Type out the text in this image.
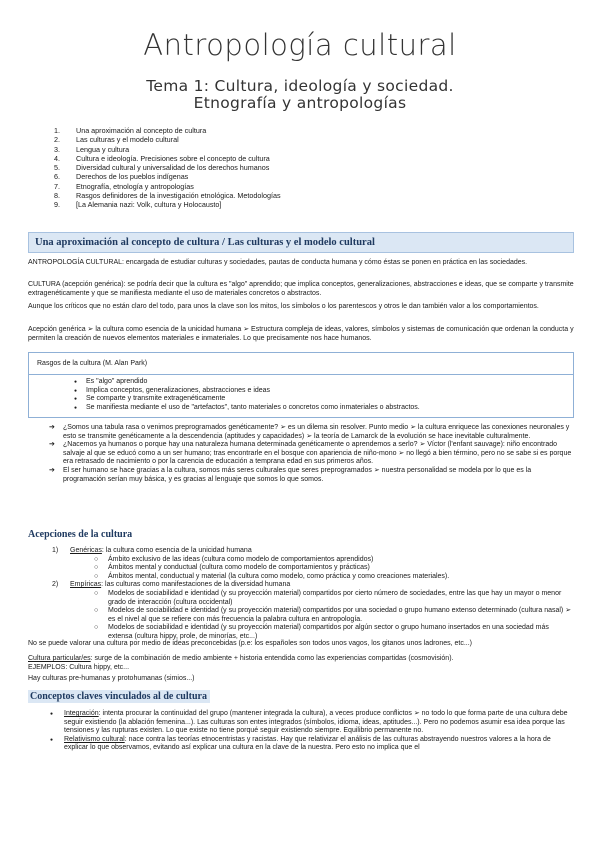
Antropología cultural
Tema 1: Cultura, ideología y sociedad.
Etnografía y antropologías
1.	Una aproximación al concepto de cultura
2.	Las culturas y el modelo cultural
3.	Lengua y cultura
4.	Cultura e ideología. Precisiones sobre el concepto de cultura
5.	Diversidad cultural y universalidad de los derechos humanos
6.	Derechos de los pueblos indígenas
7.	Etnografía, etnología y antropologías
8.	Rasgos definidores de la investigación etnológica. Metodologías
9.	[La Alemania nazi: Volk, cultura y Holocausto]
Una aproximación al concepto de cultura / Las culturas y el modelo cultural
ANTROPOLOGÍA CULTURAL: encargada de estudiar culturas y sociedades, pautas de conducta humana y cómo éstas se ponen en práctica en las sociedades.
CULTURA (acepción genérica): se podría decir que la cultura es "algo" aprendido; que implica conceptos, generalizaciones, abstracciones e ideas, que se comparte y transmite extragenéticamente y que se manifiesta mediante el uso de materiales concretos o abstractos.
Aunque los críticos que no están claro del todo, para unos la clave son los mitos, los símbolos o los parentescos y otros le dan también valor a los comportamientos.
Acepción genérica ➢ la cultura como esencia de la unicidad humana ➢ Estructura compleja de ideas, valores, símbolos y sistemas de comunicación que ordenan la conducta y permiten la creación de nuevos elementos materiales e inmateriales. Lo que precisamente nos hace humanos.
Rasgos de la cultura (M. Alan Park)
●	Es "algo" aprendido
●	Implica conceptos, generalizaciones, abstracciones e ideas
●	Se comparte y transmite extragenéticamente
●	Se manifiesta mediante el uso de "artefactos", tanto materiales o concretos como inmateriales o abstractos.
➔	¿Somos una tabula rasa o venimos preprogramados genéticamente? ➢ es un dilema sin resolver. Punto medio ➢ la cultura enriquece las conexiones neuronales y esto se transmite genéticamente a la descendencia (aptitudes y capacidades) ➢ la teoría de Lamarck de la evolución se hace inevitable culturalmente.
➔	¿Nacemos ya humanos o porque hay una naturaleza humana determinada genéticamente o aprendemos a serlo? ➢ Víctor (l'enfant sauvage): niño encontrado salvaje al que se educó como a un ser humano; tras encontrarle en el bosque con apariencia de niño-mono ➢ no llegó a bien término, pero no se sabe si es porque era retrasado de nacimiento o por la carencia de educación a temprana edad en sus primeros años.
➔	El ser humano se hace gracias a la cultura, somos más seres culturales que seres preprogramados ➢ nuestra personalidad se modela por lo que es la programación serían muy básica, y es gracias al lenguaje que somos lo que somos.
Acepciones de la cultura
1)	Genéricas: la cultura como esencia de la unicidad humana
○	Ámbito exclusivo de las ideas (cultura como modelo de comportamientos aprendidos)
○	Ámbitos mental y conductual (cultura como modelo de comportamientos y prácticas)
○	Ámbitos mental, conductual y material (la cultura como modelo, como práctica y como creaciones materiales).
2)	Empíricas: las culturas como manifestaciones de la diversidad humana
○	Modelos de sociabilidad e identidad (y su proyección material) compartidos por cierto número de sociedades, entre las que hay un mayor o menor grado de interacción (cultura occidental)
○	Modelos de sociabilidad e identidad (y su proyección material) compartidos por una sociedad o grupo humano extenso determinado (cultura nasal) ➢ es el nivel al que se refiere con más frecuencia la palabra cultura en antropología.
○	Modelos de sociabilidad e identidad (y su proyección material) compartidos por algún sector o grupo humano insertados en una sociedad más extensa (cultura hippy, prole, de minorías, etc...)
No se puede valorar una cultura por medio de ideas preconcebidas (p.e: los españoles son todos unos vagos, los gitanos unos ladrones, etc...)
Cultura particular/es: surge de la combinación de medio ambiente + historia entendida como las experiencias compartidas (cosmovisión).
EJEMPLOS: Cultura hippy, etc...
Hay culturas pre-humanas y protohumanas (simios...)
Conceptos claves vinculados al de cultura
●	Integración: intenta procurar la continuidad del grupo (mantener integrada la cultura), a veces produce conflictos ➢ no todo lo que forma parte de una cultura debe seguir existiendo (la ablación femenina...). Las culturas son entes integrados (símbolos, idioma, ideas, aptitudes...). Pero no podemos asumir esa idea porque las tensiones y las rupturas existen. Lo que existe no tiene porqué seguir existiendo siempre. Equilibrio permanente no.
●	Relativismo cultural: nace contra las teorías etnocentristas y racistas. Hay que relativizar el análisis de las culturas abstrayendo nuestros valores a la hora de explicar lo que observamos, evitando así explicar una cultura en la clave de la nuestra. Pero esto no implica que el
